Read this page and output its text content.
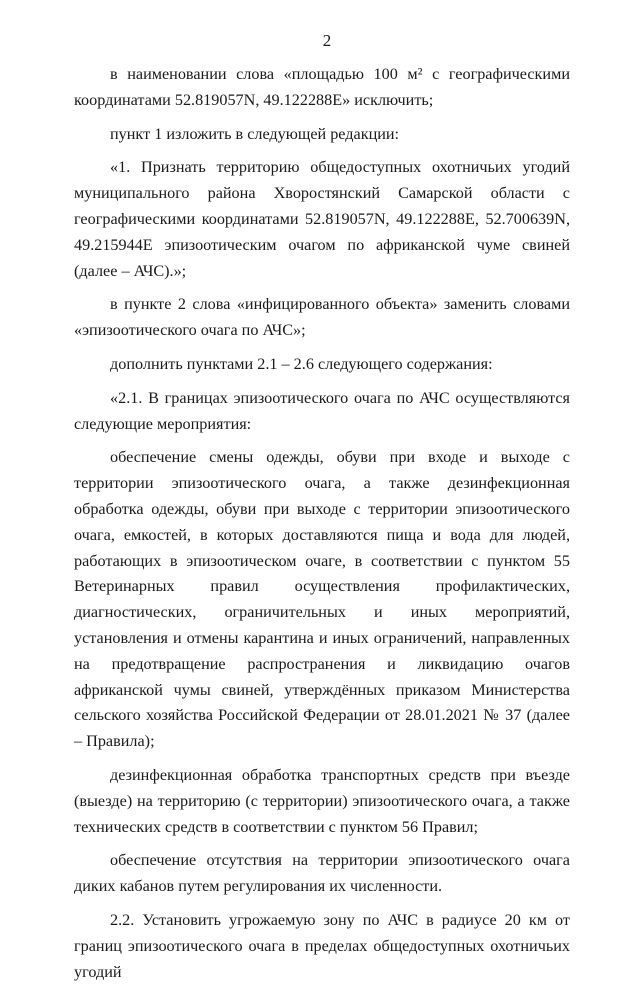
2

в наименовании слова «площадью 100 м² с географическими координатами 52.819057N, 49.122288E» исключить;

пункт 1 изложить в следующей редакции:

«1. Признать территорию общедоступных охотничьих угодий муниципального района Хворостянский Самарской области с географическими координатами 52.819057N, 49.122288E, 52.700639N, 49.215944E эпизоотическим очагом по африканской чуме свиней (далее – АЧС).»;

в пункте 2 слова «инфицированного объекта» заменить словами «эпизоотического очага по АЧС»;

дополнить пунктами 2.1 – 2.6 следующего содержания:

«2.1. В границах эпизоотического очага по АЧС осуществляются следующие мероприятия:

обеспечение смены одежды, обуви при входе и выходе с территории эпизоотического очага, а также дезинфекционная обработка одежды, обуви при выходе с территории эпизоотического очага, емкостей, в которых доставляются пища и вода для людей, работающих в эпизоотическом очаге, в соответствии с пунктом 55 Ветеринарных правил осуществления профилактических, диагностических, ограничительных и иных мероприятий, установления и отмены карантина и иных ограничений, направленных на предотвращение распространения и ликвидацию очагов африканской чумы свиней, утверждённых приказом Министерства сельского хозяйства Российской Федерации от 28.01.2021 № 37 (далее – Правила);

дезинфекционная обработка транспортных средств при въезде (выезде) на территорию (с территории) эпизоотического очага, а также технических средств в соответствии с пунктом 56 Правил;

обеспечение отсутствия на территории эпизоотического очага диких кабанов путем регулирования их численности.

2.2. Установить угрожаемую зону по АЧС в радиусе 20 км от границ эпизоотического очага в пределах общедоступных охотничьих угодий
